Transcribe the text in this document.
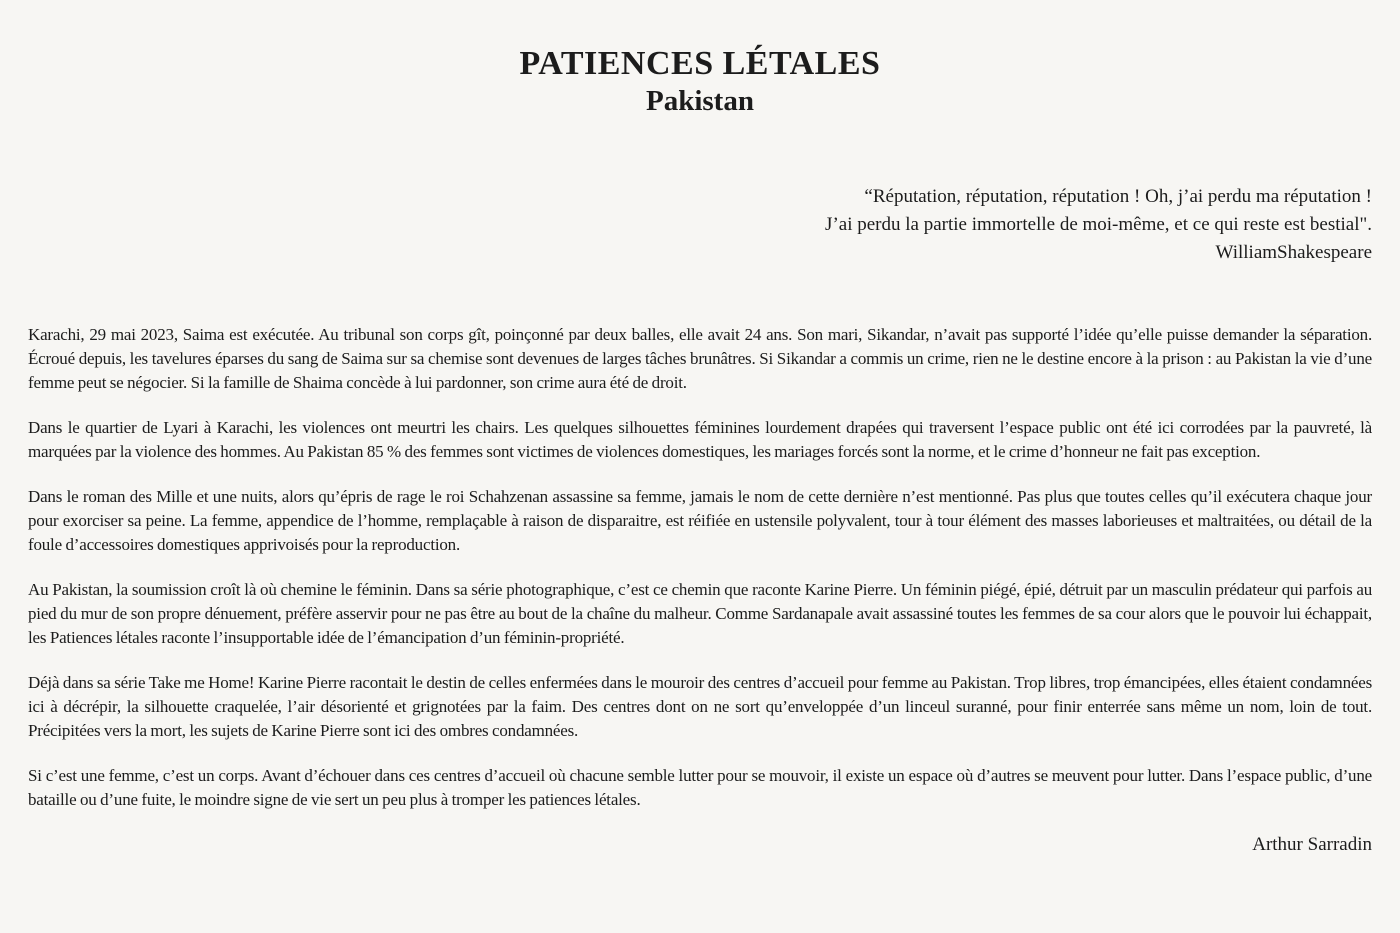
PATIENCES LÉTALES
Pakistan
“Réputation, réputation, réputation ! Oh, j’ai perdu ma réputation !
J’ai perdu la partie immortelle de moi-même, et ce qui reste est bestial".
WilliamShakespeare

Karachi, 29 mai 2023, Saima est exécutée. Au tribunal son corps gît, poinçonné par deux balles, elle avait 24 ans. Son mari, Sikandar, n’avait pas supporté l’idée qu’elle puisse demander la séparation. Écroué depuis, les tavelures éparses du sang de Saima sur sa chemise sont devenues de larges tâches brunâtres. Si Sikandar a commis un crime, rien ne le destine encore à la prison : au Pakistan la vie d’une femme peut se négocier. Si la famille de Shaima concède à lui pardonner, son crime aura été de droit.

Dans le quartier de Lyari à Karachi, les violences ont meurtri les chairs. Les quelques silhouettes féminines lourdement drapées qui traversent l’espace public ont été ici corrodées par la pauvreté, là marquées par la violence des hommes. Au Pakistan 85 % des femmes sont victimes de violences domestiques, les mariages forcés sont la norme, et le crime d’honneur ne fait pas exception.

Dans le roman des Mille et une nuits, alors qu’épris de rage le roi Schahzenan assassine sa femme, jamais le nom de cette dernière n’est mentionné. Pas plus que toutes celles qu’il exécutera chaque jour pour exorciser sa peine. La femme, appendice de l’homme, remplaçable à raison de disparaitre, est réifiée en ustensile polyvalent, tour à tour élément des masses laborieuses et maltraitées, ou détail de la foule d’accessoires domestiques apprivoisés pour la reproduction.

Au Pakistan, la soumission croît là où chemine le féminin. Dans sa série photographique, c’est ce chemin que raconte Karine Pierre. Un féminin piégé, épié, détruit par un masculin prédateur qui parfois au pied du mur de son propre dénuement, préfère asservir pour ne pas être au bout de la chaîne du malheur. Comme Sardanapale avait assassiné toutes les femmes de sa cour alors que le pouvoir lui échappait, les Patiences létales raconte l’insupportable idée de l’émancipation d’un féminin-propriété.

Déjà dans sa série Take me Home! Karine Pierre racontait le destin de celles enfermées dans le mouroir des centres d’accueil pour femme au Pakistan. Trop libres, trop émancipées, elles étaient condamnées ici à décrépir, la silhouette craquelée, l’air désorienté et grignotées par la faim. Des centres dont on ne sort qu’enveloppée d’un linceul suranné, pour finir enterrée sans même un nom, loin de tout. Précipitées vers la mort, les sujets de Karine Pierre sont ici des ombres condamnées.

Si c’est une femme, c’est un corps. Avant d’échouer dans ces centres d’accueil où chacune semble lutter pour se mouvoir, il existe un espace où d’autres se meuvent pour lutter. Dans l’espace public, d’une bataille ou d’une fuite, le moindre signe de vie sert un peu plus à tromper les patiences létales.

Arthur Sarradin
